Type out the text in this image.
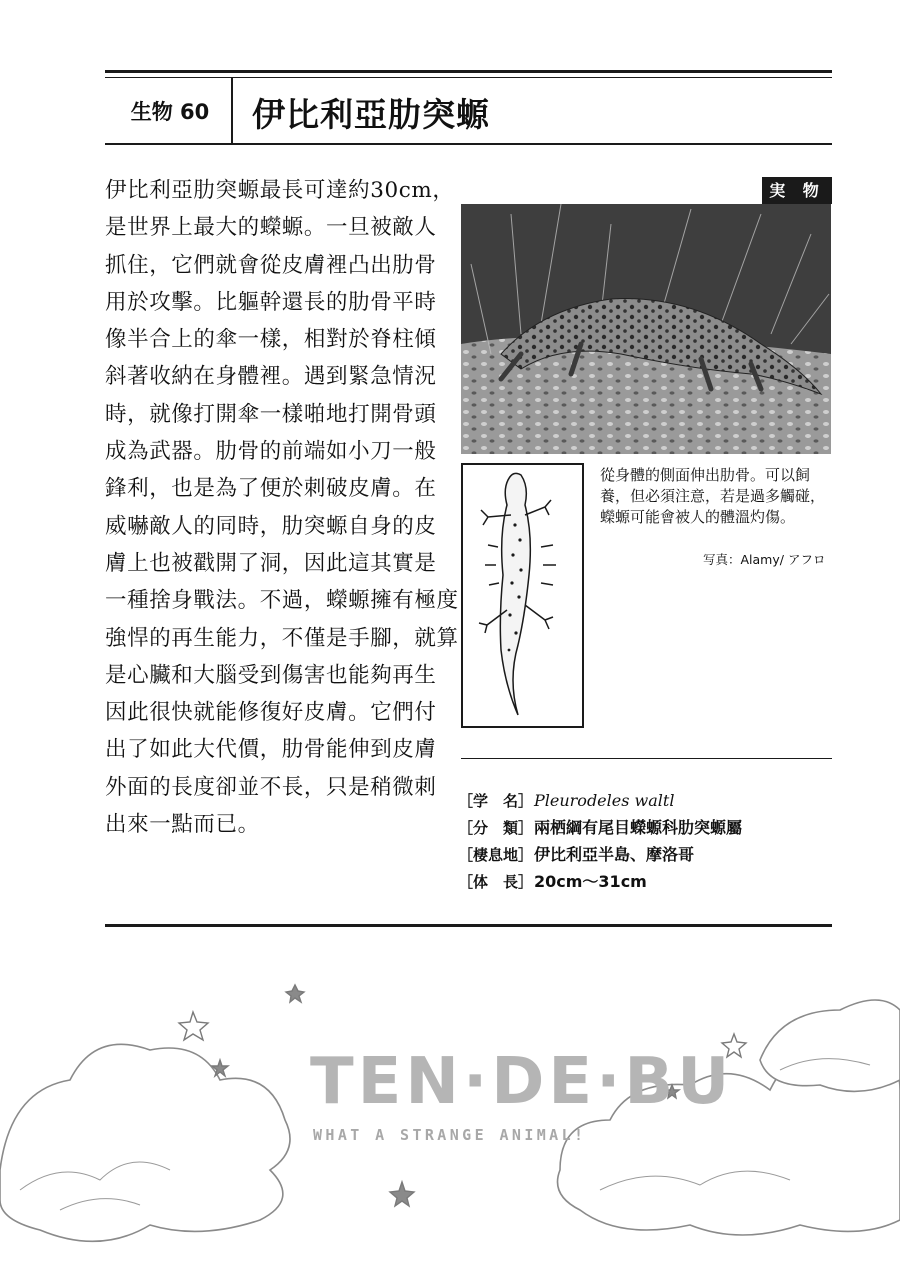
生物 60	伊比利亞肋突螈
伊比利亞肋突螈最長可達約30cm，
是世界上最大的蠑螈。一旦被敵人
抓住，它們就會從皮膚裡凸出肋骨
用於攻擊。比軀幹還長的肋骨平時
像半合上的傘一樣，相對於脊柱傾
斜著收納在身體裡。遇到緊急情況
時，就像打開傘一樣啪地打開骨頭
成為武器。肋骨的前端如小刀一般
鋒利，也是為了便於刺破皮膚。在
威嚇敵人的同時，肋突螈自身的皮
膚上也被戳開了洞，因此這其實是
一種捨身戰法。不過，蠑螈擁有極度
強悍的再生能力，不僅是手腳，就算
是心臟和大腦受到傷害也能夠再生
因此很快就能修復好皮膚。它們付
出了如此大代價，肋骨能伸到皮膚
外面的長度卻並不長，只是稍微刺
出來一點而已。
実 物
從身體的側面伸出肋骨。可以飼
養，但必須注意，若是過多觸碰，
蠑螈可能會被人的體溫灼傷。
写真：Alamy/ アフロ
［学　名］Pleurodeles waltl
［分　類］兩栖綱有尾目蠑螈科肋突螈屬
［棲息地］伊比利亞半島、摩洛哥
［体　長］20cm～31cm
TEN·DE·BU
WHAT A STRANGE ANIMAL!
